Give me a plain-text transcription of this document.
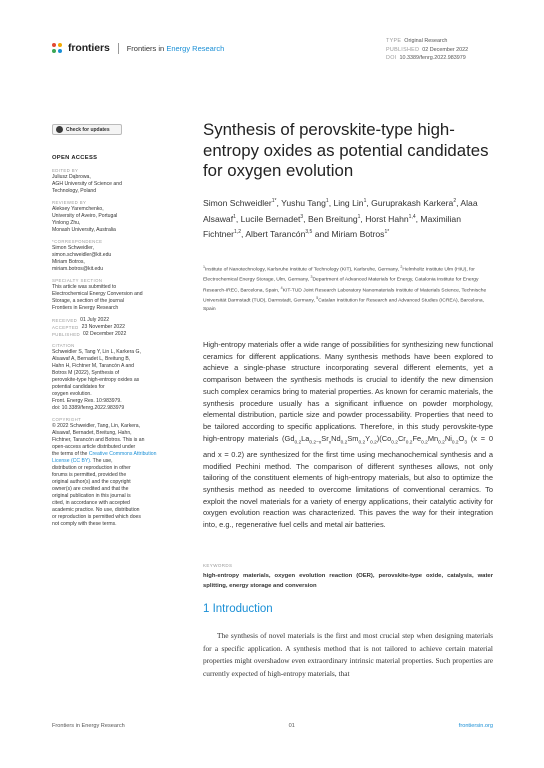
frontiers Frontiers in Energy Research
TYPE Original Research
PUBLISHED 02 December 2022
DOI 10.3389/fenrg.2022.983979
Check for updates
OPEN ACCESS
EDITED BY
Juliusz Dąbrowa,
AGH University of Science and
Technology, Poland
REVIEWED BY
Aleksey Yaremchenko,
University of Aveiro, Portugal
Yinlong Zhu,
Monash University, Australia
*CORRESPONDENCE
Simon Schweidler,
simon.schweidler@kit.edu
Miriam Botros,
miriam.botros@kit.edu
SPECIALTY SECTION
This article was submitted to
Electrochemical Energy Conversion and
Storage, a section of the journal
Frontiers in Energy Research
RECEIVED 01 July 2022
ACCEPTED 23 November 2022
PUBLISHED 02 December 2022
CITATION
Schweidler S, Tang Y, Lin L, Karkera G,
Alsawaf A, Bernadet L, Breitung B,
Hahn H, Fichtner M, Tarancón A and
Botros M (2022), Synthesis of
perovskite-type high-entropy oxides as
potential candidates for
oxygen evolution.
Front. Energy Res. 10:983979.
doi: 10.3389/fenrg.2022.983979
COPYRIGHT
© 2022 Schweidler, Tang, Lin, Karkera,
Alsawaf, Bernadet, Breitung, Hahn,
Fichtner, Tarancón and Botros. This is an
open-access article distributed under
the terms of the Creative Commons Attribution License (CC BY). The use,
distribution or reproduction in other
forums is permitted, provided the
original author(s) and the copyright
owner(s) are credited and that the
original publication in this journal is
cited, in accordance with accepted
academic practice. No use, distribution
or reproduction is permitted which does
not comply with these terms.
Synthesis of perovskite-type high-entropy oxides as potential candidates for oxygen evolution
Simon Schweidler$^{1*}$, Yushu Tang$^1$, Ling Lin$^1$, Guruprakash Karkera$^2$, Alaa Alsawaf$^1$, Lucile Bernadet$^3$, Ben Breitung$^1$, Horst Hahn$^{1,4}$, Maximilian Fichtner$^{1,2}$, Albert Tarancón$^{3,5}$ and Miriam Botros$^{1*}$
$^1$Institute of Nanotechnology, Karlsruhe Institute of Technology (KIT), Karlsruhe, Germany, $^2$Helmholtz Institute Ulm (HIU), for Electrochemical Energy Storage, Ulm, Germany, $^3$Department of Advanced Materials for Energy, Catalonia Institute for Energy Research-IREC, Barcelona, Spain, $^4$KIT-TUD Joint Research Laboratory Nanomaterials Institute of Materials Science, Technische Universität Darmstadt (TUD), Darmstadt, Germany, $^5$Catalan Institution for Research and Advanced Studies (ICREA), Barcelona, Spain
High-entropy materials offer a wide range of possibilities for synthesizing new functional ceramics for different applications. Many synthesis methods have been explored to achieve a single-phase structure incorporating several different elements, yet a comparison between the synthesis methods is crucial to identify the new dimension such complex ceramics bring to material properties. As known for ceramic materials, the synthesis procedure usually has a significant influence on powder morphology, elemental distribution, particle size and powder processability. Properties that need to be tailored according to specific applications. Therefore, in this study perovskite-type high-entropy materials $(Gd_{0.2}La_{0.2-x}Sr_xNd_{0.2}Sm_{0.2}Y_{0.2})(Co_{0.2}Cr_{0.2}Fe_{0.2}Mn_{0.2}Ni_{0.2}O_3$ (x = 0 and x = 0.2) are synthesized for the first time using mechanochemical synthesis and a modified Pechini method. The comparison of different syntheses allows, not only tailoring of the constituent elements of high-entropy materials, but also to optimize the synthesis method as needed to overcome limitations of conventional ceramics. To exploit the novel materials for a variety of energy applications, their catalytic activity for oxygen evolution reaction was characterized. This paves the way for their integration into, e.g., regenerative fuel cells and metal air batteries.
KEYWORDS
high-entropy materials, oxygen evolution reaction (OER), perovskite-type oxide, catalysis, water splitting, energy storage and conversion
1 Introduction

The synthesis of novel materials is the first and most crucial step when designing materials for a specific application. A synthesis method that is not tailored to achieve certain material properties might overshadow even extraordinary intrinsic material properties. Such properties are currently expected of high-entropy materials, that

Frontiers in Energy Research	01	frontiersin.org
